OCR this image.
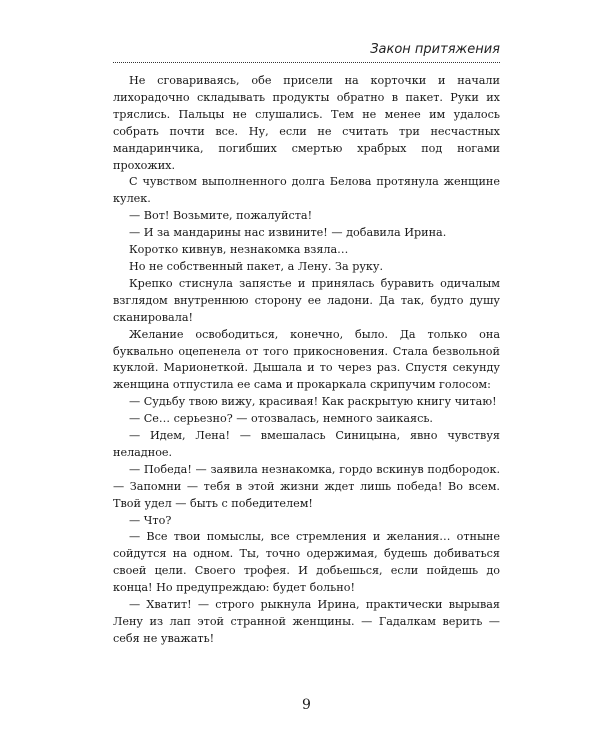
Закон притяжения

Не сговариваясь, обе присели на корточки и начали лихорадочно складывать продукты обратно в пакет. Руки их тряслись. Пальцы не слушались. Тем не менее им удалось собрать почти все. Ну, если не считать три несчастных мандаринчика, погибших смертью храбрых под ногами прохожих.

С чувством выполненного долга Белова протянула женщине кулек.

— Вот! Возьмите, пожалуйста!

— И за мандарины нас извините! — добавила Ирина.

Коротко кивнув, незнакомка взяла…

Но не собственный пакет, а Лену. За руку.

Крепко стиснула запястье и принялась буравить одичалым взглядом внутреннюю сторону ее ладони. Да так, будто душу сканировала!

Желание освободиться, конечно, было. Да только она буквально оцепенела от того прикосновения. Стала безвольной куклой. Марионеткой. Дышала и то через раз. Спустя секунду женщина отпустила ее сама и прокаркала скрипучим голосом:

— Судьбу твою вижу, красивая! Как раскрытую книгу читаю!

— Се… серьезно? — отозвалась, немного заикаясь.

— Идем, Лена! — вмешалась Синицына, явно чувствуя неладное.

— Победа! — заявила незнакомка, гордо вскинув подбородок. — Запомни — тебя в этой жизни ждет лишь победа! Во всем. Твой удел — быть с победителем!

— Что?

— Все твои помыслы, все стремления и желания… отныне сойдутся на одном. Ты, точно одержимая, будешь добиваться своей цели. Своего трофея. И добьешься, если пойдешь до конца! Но предупреждаю: будет больно!

— Хватит! — строго рыкнула Ирина, практически вырывая Лену из лап этой странной женщины. — Гадалкам верить — себя не уважать!

9
